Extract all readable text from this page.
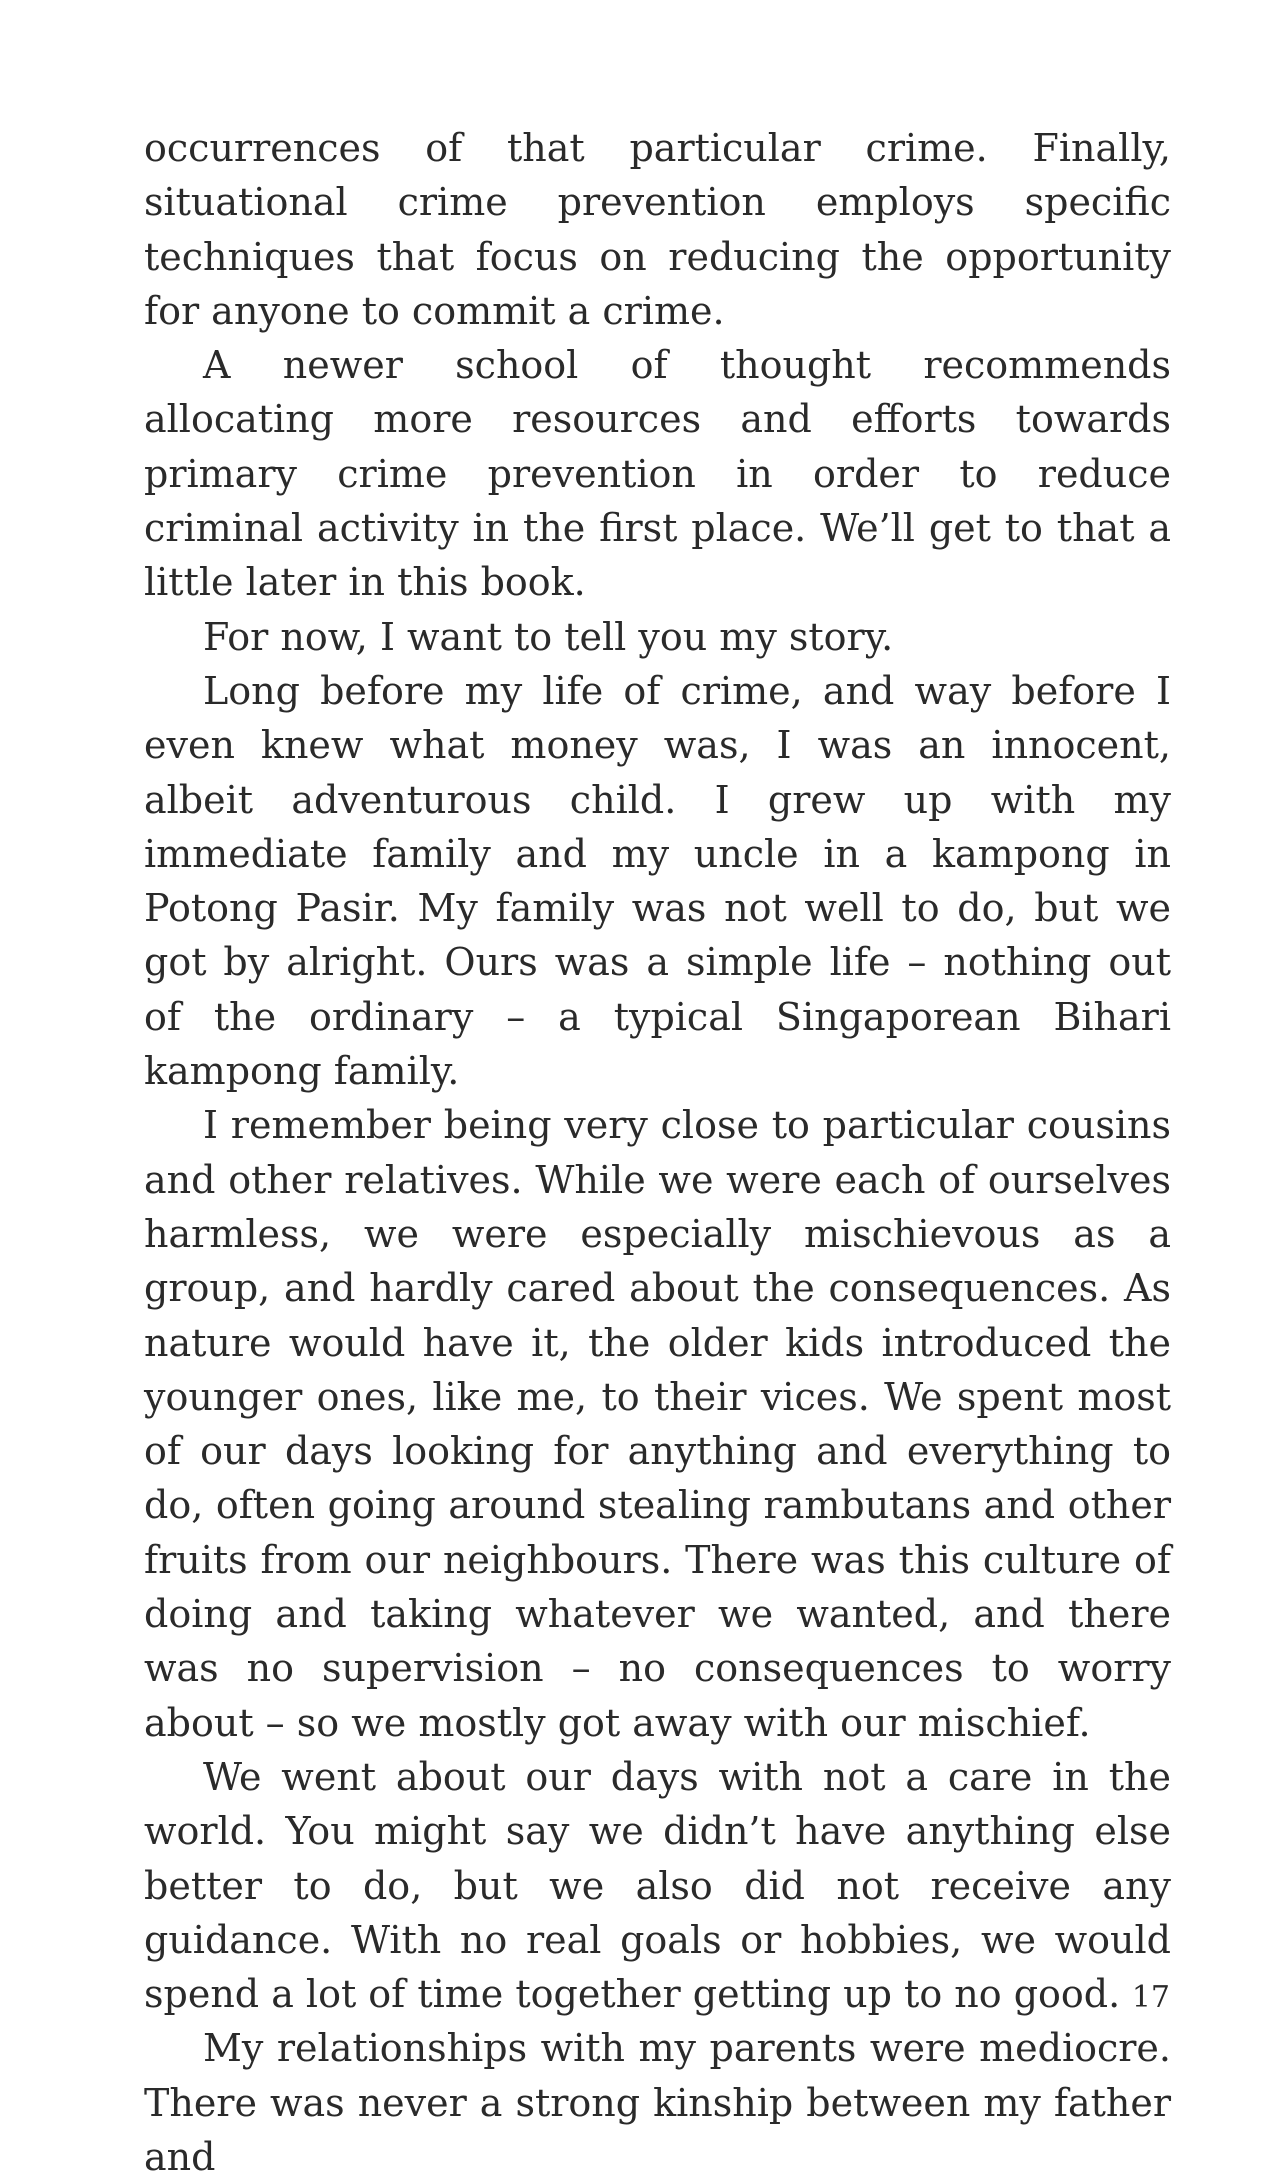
occurrences of that particular crime. Finally, situational crime prevention employs specific techniques that focus on reducing the opportunity for anyone to commit a crime.

A newer school of thought recommends allocating more resources and efforts towards primary crime prevention in order to reduce criminal activity in the first place. We’ll get to that a little later in this book.

For now, I want to tell you my story.

Long before my life of crime, and way before I even knew what money was, I was an innocent, albeit adventurous child. I grew up with my immediate family and my uncle in a kampong in Potong Pasir. My family was not well to do, but we got by alright. Ours was a simple life – nothing out of the ordinary – a typical Singaporean Bihari kampong family.

I remember being very close to particular cousins and other relatives. While we were each of ourselves harmless, we were especially mischievous as a group, and hardly cared about the consequences. As nature would have it, the older kids introduced the younger ones, like me, to their vices. We spent most of our days looking for anything and everything to do, often going around stealing rambutans and other fruits from our neighbours. There was this culture of doing and taking whatever we wanted, and there was no supervision – no consequences to worry about – so we mostly got away with our mischief.

We went about our days with not a care in the world. You might say we didn’t have anything else better to do, but we also did not receive any guidance. With no real goals or hobbies, we would spend a lot of time together getting up to no good.

My relationships with my parents were mediocre. There was never a strong kinship between my father and

17
